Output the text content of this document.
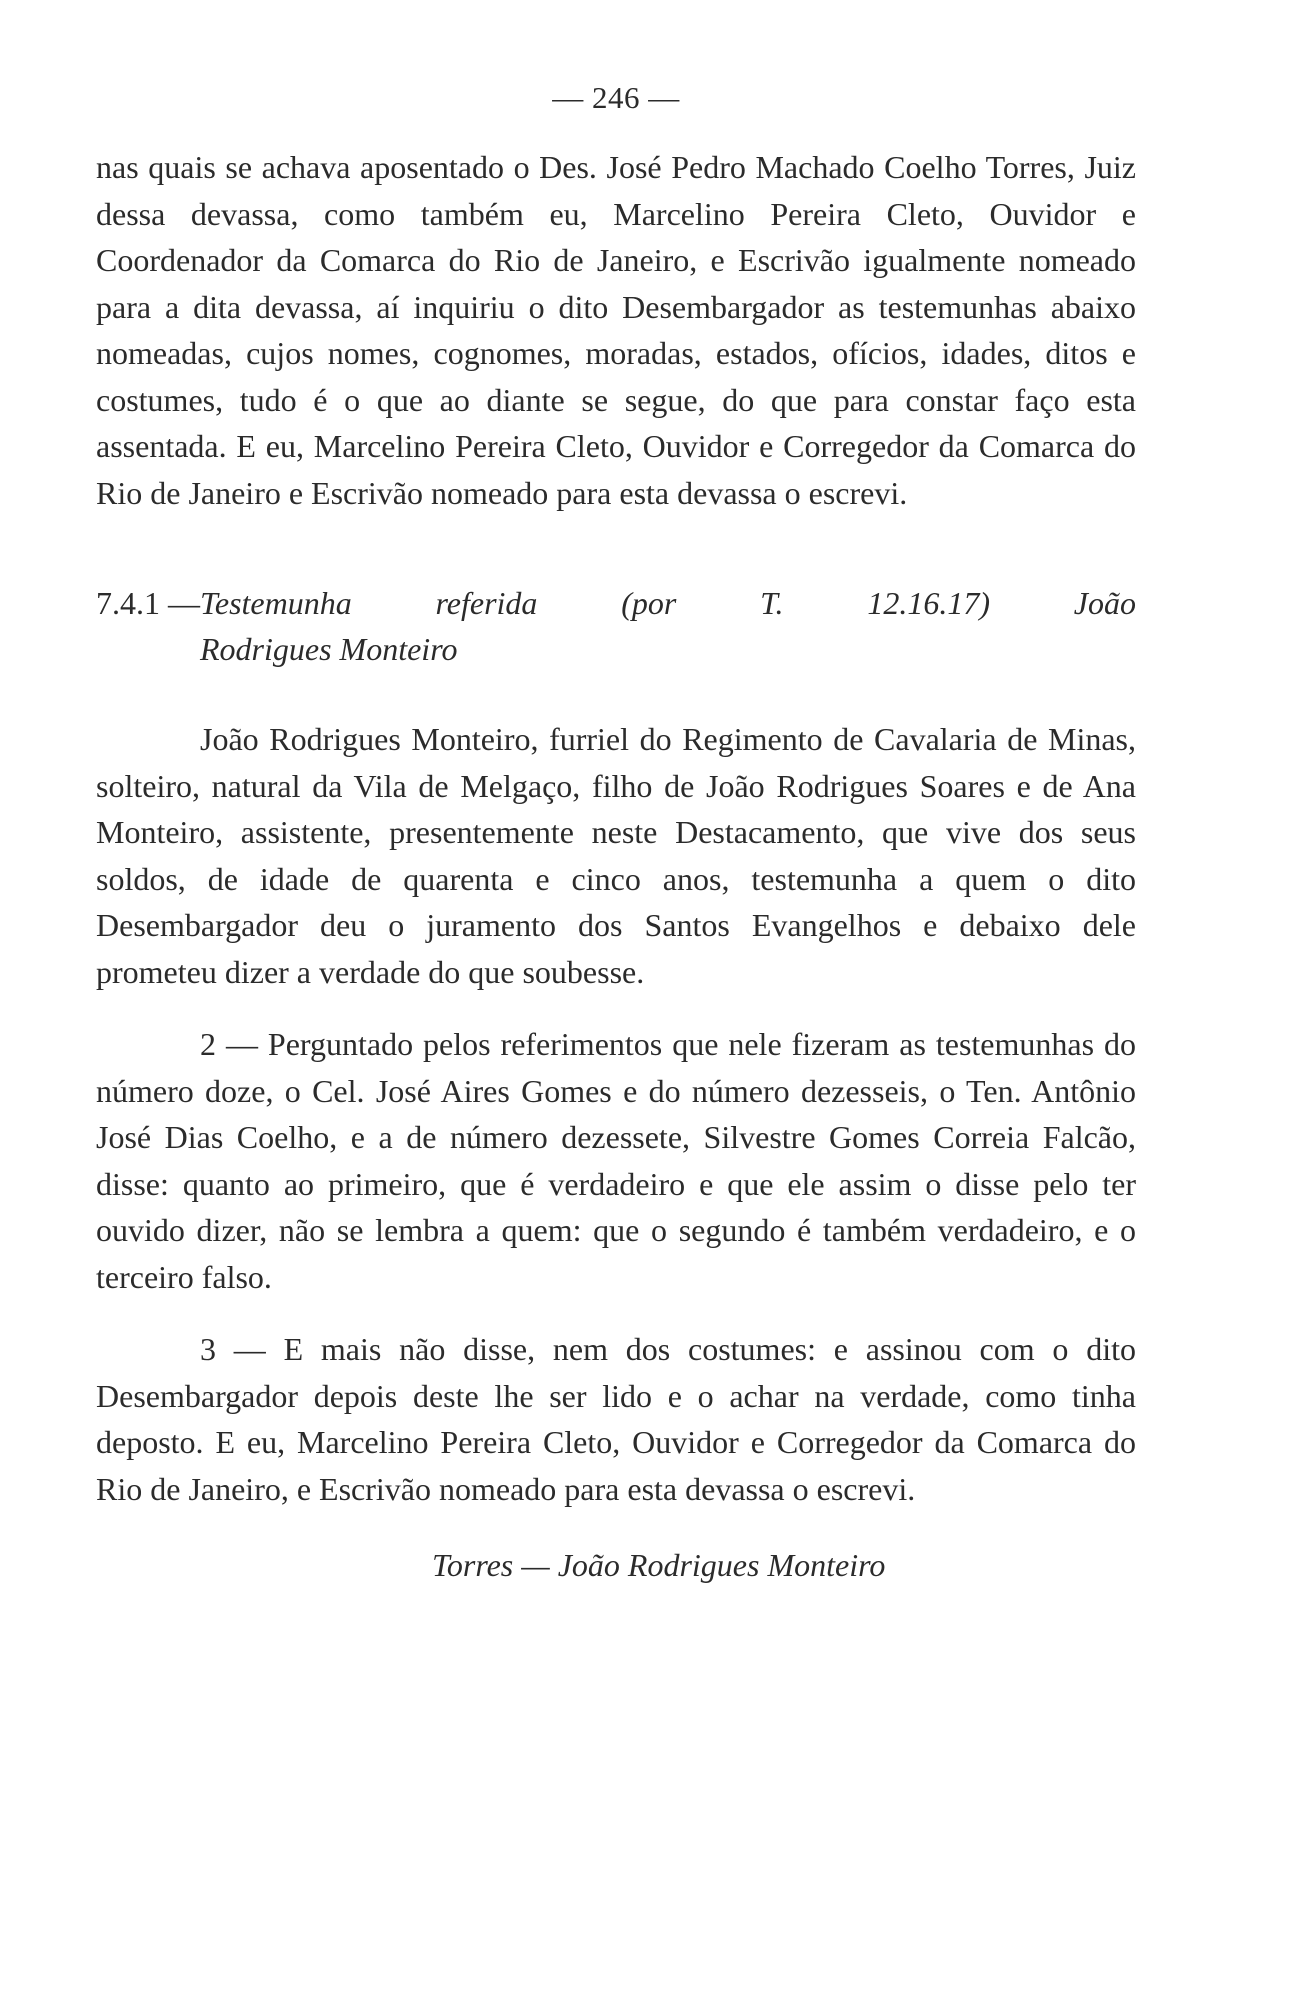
— 246 —

nas quais se achava aposentado o Des. José Pedro Machado Coelho Torres, Juiz dessa devassa, como também eu, Marcelino Pereira Cleto, Ouvidor e Coordenador da Comarca do Rio de Janeiro, e Escrivão igualmente nomeado para a dita devassa, aí inquiriu o dito Desembargador as testemunhas abaixo nomeadas, cujos nomes, cognomes, moradas, estados, ofícios, idades, ditos e costumes, tudo é o que ao diante se segue, do que para constar faço esta assentada. E eu, Marcelino Pereira Cleto, Ouvidor e Corregedor da Comarca do Rio de Janeiro e Escrivão nomeado para esta devassa o escrevi.

7.4.1 — Testemunha	referida	(por	T.	12.16.17)	João
Rodrigues Monteiro

João Rodrigues Monteiro, furriel do Regimento de Cavalaria de Minas, solteiro, natural da Vila de Melgaço, filho de João Rodrigues Soares e de Ana Monteiro, assistente, presentemente neste Destacamento, que vive dos seus soldos, de idade de quarenta e cinco anos, testemunha a quem o dito Desembargador deu o juramento dos Santos Evangelhos e debaixo dele prometeu dizer a verdade do que soubesse.

2 — Perguntado pelos referimentos que nele fizeram as testemunhas do número doze, o Cel. José Aires Gomes e do número dezesseis, o Ten. Antônio José Dias Coelho, e a de número dezessete, Silvestre Gomes Correia Falcão, disse: quanto ao primeiro, que é verdadeiro e que ele assim o disse pelo ter ouvido dizer, não se lembra a quem: que o segundo é também verdadeiro, e o terceiro falso.

3 — E mais não disse, nem dos costumes: e assinou com o dito Desembargador depois deste lhe ser lido e o achar na verdade, como tinha deposto. E eu, Marcelino Pereira Cleto, Ouvidor e Corregedor da Comarca do Rio de Janeiro, e Escrivão nomeado para esta devassa o escrevi.

Torres — João Rodrigues Monteiro
